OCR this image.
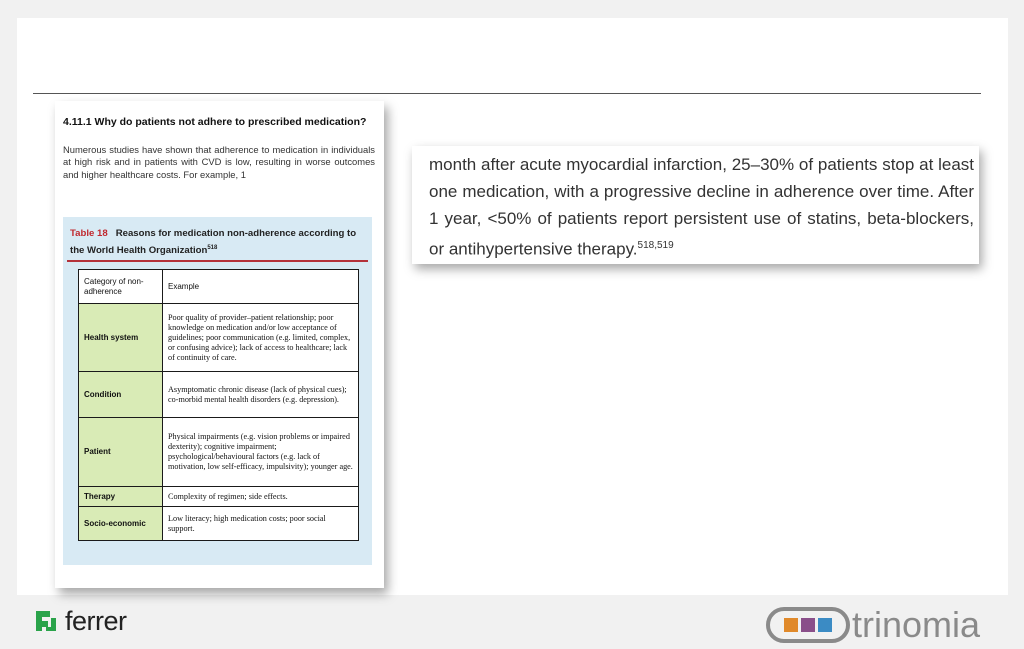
4.11.1 Why do patients not adhere to prescribed medication?
Numerous studies have shown that adherence to medication in individuals at high risk and in patients with CVD is low, resulting in worse outcomes and higher healthcare costs. For example, 1
Table 18 Reasons for medication non-adherence according to the World Health Organization$^{518}$
Category of non-adherence	Example
Health system	Poor quality of provider–patient relationship; poor knowledge on medication and/or low acceptance of guidelines; poor communication (e.g. limited, complex, or confusing advice); lack of access to healthcare; lack of continuity of care.
Condition	Asymptomatic chronic disease (lack of physical cues); co-morbid mental health disorders (e.g. depression).
Patient	Physical impairments (e.g. vision problems or impaired dexterity); cognitive impairment; psychological/behavioural factors (e.g. lack of motivation, low self-efficacy, impulsivity); younger age.
Therapy	Complexity of regimen; side effects.
Socio-economic	Low literacy; high medication costs; poor social support.

month after acute myocardial infarction, 25–30% of patients stop at least one medication, with a progressive decline in adherence over time. After 1 year, <50% of patients report persistent use of statins, beta-blockers, or antihypertensive therapy.$^{518,519}$

ferrer	trinomia
